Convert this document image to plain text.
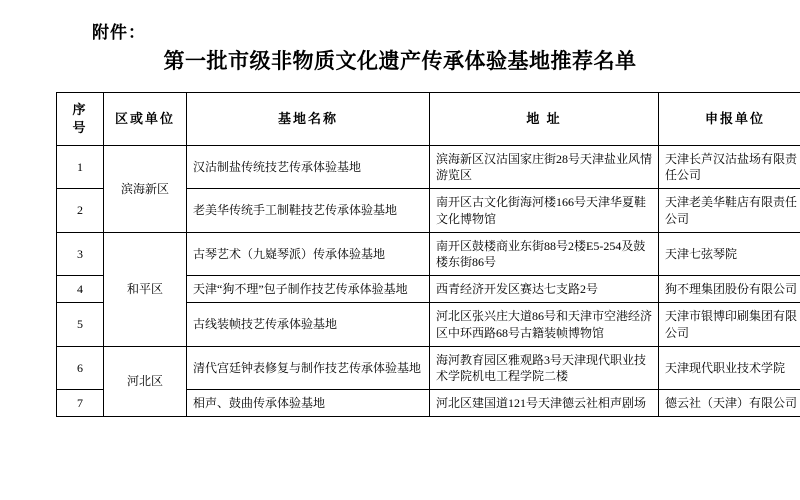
附件：
第一批市级非物质文化遗产传承体验基地推荐名单
序
号	区或单位	基地名称	地 址	申报单位
1	滨海新区	汉沽制盐传统技艺传承体验基地	滨海新区汉沽国家庄街28号天津盐业风情游览区	天津长芦汉沽盐场有限责任公司
2		老美华传统手工制鞋技艺传承体验基地	南开区古文化街海河楼166号天津华夏鞋文化博物馆	天津老美华鞋店有限责任公司
3	和平区	古琴艺术（九嶷琴派）传承体验基地	南开区鼓楼商业东街88号2楼E5-254及鼓楼东街86号	天津七弦琴院
4		天津“狗不理”包子制作技艺传承体验基地	西青经济开发区赛达七支路2号	狗不理集团股份有限公司
5		古线装帧技艺传承体验基地	河北区张兴庄大道86号和天津市空港经济区中环西路68号古籍装帧博物馆	天津市银博印刷集团有限公司
6	河北区	清代宫廷钟表修复与制作技艺传承体验基地	海河教育园区雅观路3号天津现代职业技术学院机电工程学院二楼	天津现代职业技术学院
7		相声、鼓曲传承体验基地	河北区建国道121号天津德云社相声剧场	德云社（天津）有限公司
